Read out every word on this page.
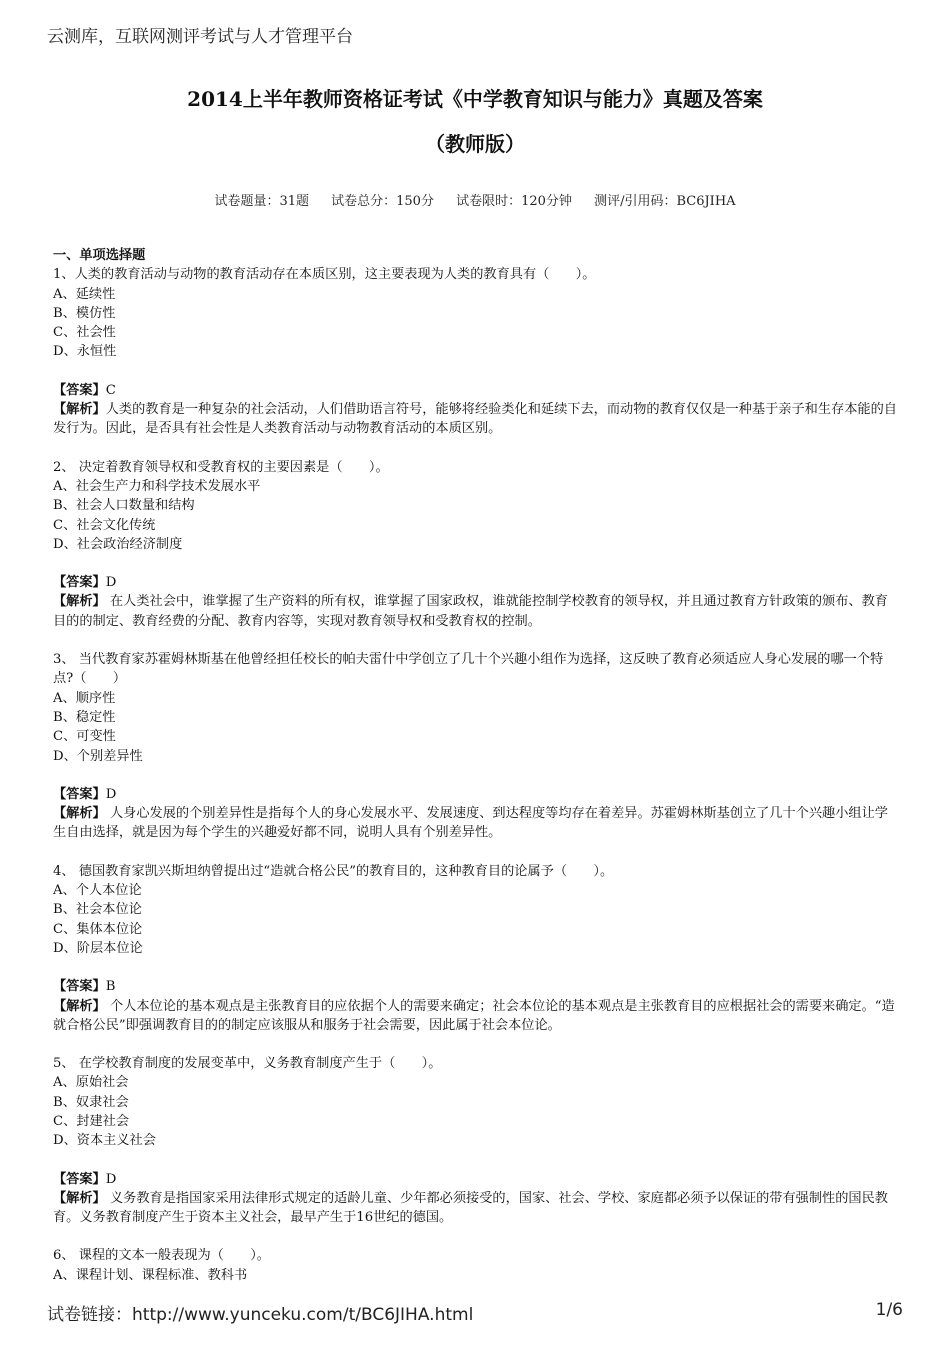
云测库，互联网测评考试与人才管理平台
2014上半年教师资格证考试《中学教育知识与能力》真题及答案
（教师版）
试卷题量：31题 试卷总分：150分 试卷限时：120分钟 测评/引用码：BC6JIHA
一、单项选择题
1、人类的教育活动与动物的教育活动存在本质区别，这主要表现为人类的教育具有（　　）。
A、延续性
B、模仿性
C、社会性
D、永恒性
【答案】C
【解析】人类的教育是一种复杂的社会活动，人们借助语言符号，能够将经验类化和延续下去，而动物的教育仅仅是一种基于亲子和生存本能的自发行为。因此，是否具有社会性是人类教育活动与动物教育活动的本质区别。
2、 决定着教育领导权和受教育权的主要因素是（　　）。
A、社会生产力和科学技术发展水平
B、社会人口数量和结构
C、社会文化传统
D、社会政治经济制度
【答案】D
【解析】 在人类社会中，谁掌握了生产资料的所有权，谁掌握了国家政权，谁就能控制学校教育的领导权，并且通过教育方针政策的颁布、教育目的的制定、教育经费的分配、教育内容等，实现对教育领导权和受教育权的控制。
3、 当代教育家苏霍姆林斯基在他曾经担任校长的帕夫雷什中学创立了几十个兴趣小组作为选择，这反映了教育必须适应人身心发展的哪一个特点?（　　）
A、顺序性
B、稳定性
C、可变性
D、个别差异性
【答案】D
【解析】 人身心发展的个别差异性是指每个人的身心发展水平、发展速度、到达程度等均存在着差异。苏霍姆林斯基创立了几十个兴趣小组让学生自由选择，就是因为每个学生的兴趣爱好都不同，说明人具有个别差异性。
4、 德国教育家凯兴斯坦纳曾提出过“造就合格公民”的教育目的，这种教育目的论属予（　　）。
A、个人本位论
B、社会本位论
C、集体本位论
D、阶层本位论
【答案】B
【解析】 个人本位论的基本观点是主张教育目的应依据个人的需要来确定；社会本位论的基本观点是主张教育目的应根据社会的需要来确定。“造就合格公民”即强调教育目的的制定应该服从和服务于社会需要，因此属于社会本位论。
5、 在学校教育制度的发展变革中，义务教育制度产生于（　　）。
A、原始社会
B、奴隶社会
C、封建社会
D、资本主义社会
【答案】D
【解析】 义务教育是指国家采用法律形式规定的适龄儿童、少年都必须接受的，国家、社会、学校、家庭都必须予以保证的带有强制性的国民教育。义务教育制度产生于资本主义社会，最早产生于16世纪的德国。
6、 课程的文本一般表现为（　　）。
A、课程计划、课程标准、教科书
试卷链接：http://www.yunceku.com/t/BC6JIHA.html	1/6
